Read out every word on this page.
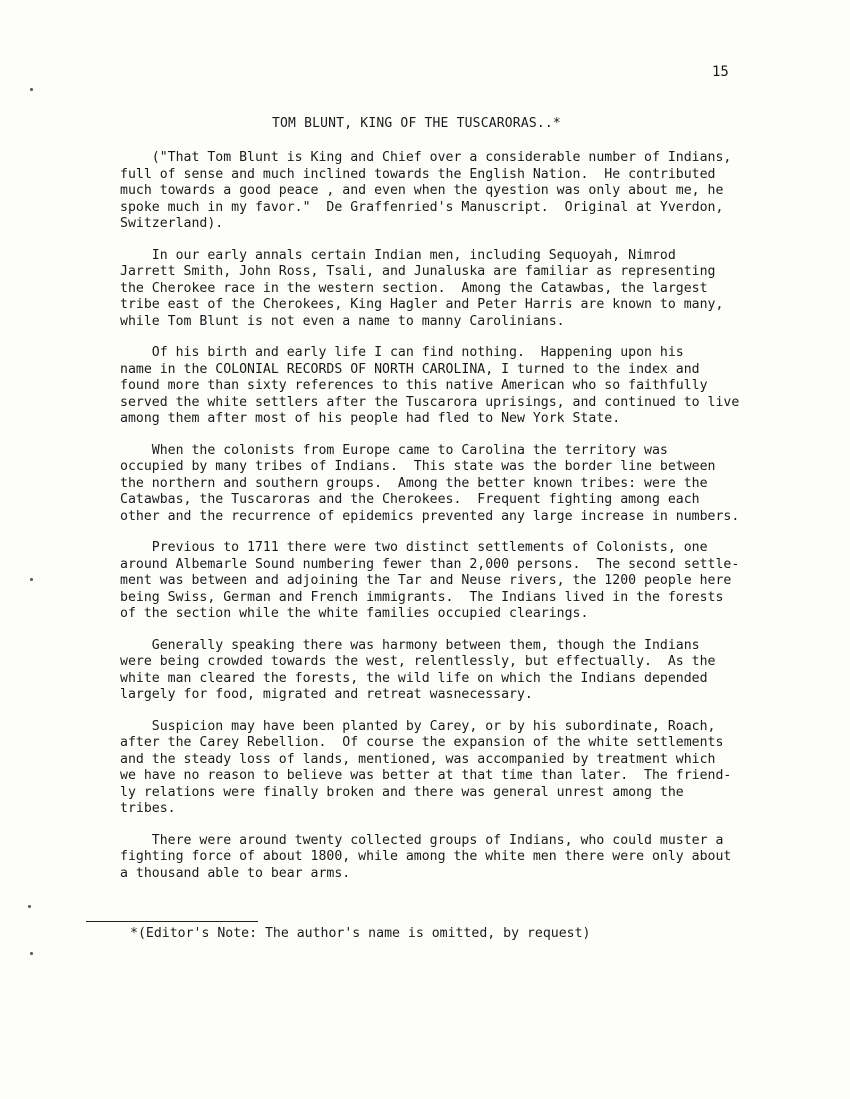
15
TOM BLUNT, KING OF THE TUSCARORAS..*
("That Tom Blunt is King and Chief over a considerable number of Indians,
full of sense and much inclined towards the English Nation.  He contributed
much towards a good peace , and even when the qyestion was only about me, he
spoke much in my favor."  De Graffenried's Manuscript.  Original at Yverdon,
Switzerland).
In our early annals certain Indian men, including Sequoyah, Nimrod
Jarrett Smith, John Ross, Tsali, and Junaluska are familiar as representing
the Cherokee race in the western section.  Among the Catawbas, the largest
tribe east of the Cherokees, King Hagler and Peter Harris are known to many,
while Tom Blunt is not even a name to manny Carolinians.
Of his birth and early life I can find nothing.  Happening upon his
name in the COLONIAL RECORDS OF NORTH CAROLINA, I turned to the index and
found more than sixty references to this native American who so faithfully
served the white settlers after the Tuscarora uprisings, and continued to live
among them after most of his people had fled to New York State.
When the colonists from Europe came to Carolina the territory was
occupied by many tribes of Indians.  This state was the border line between
the northern and southern groups.  Among the better known tribes: were the
Catawbas, the Tuscaroras and the Cherokees.  Frequent fighting among each
other and the recurrence of epidemics prevented any large increase in numbers.
Previous to 1711 there were two distinct settlements of Colonists, one
around Albemarle Sound numbering fewer than 2,000 persons.  The second settle-
ment was between and adjoining the Tar and Neuse rivers, the 1200 people here
being Swiss, German and French immigrants.  The Indians lived in the forests
of the section while the white families occupied clearings.
Generally speaking there was harmony between them, though the Indians
were being crowded towards the west, relentlessly, but effectually.  As the
white man cleared the forests, the wild life on which the Indians depended
largely for food, migrated and retreat wasnecessary.
Suspicion may have been planted by Carey, or by his subordinate, Roach,
after the Carey Rebellion.  Of course the expansion of the white settlements
and the steady loss of lands, mentioned, was accompanied by treatment which
we have no reason to believe was better at that time than later.  The friend-
ly relations were finally broken and there was general unrest among the
tribes.
There were around twenty collected groups of Indians, who could muster a
fighting force of about 1800, while among the white men there were only about
a thousand able to bear arms.
*(Editor's Note: The author's name is omitted, by request)
